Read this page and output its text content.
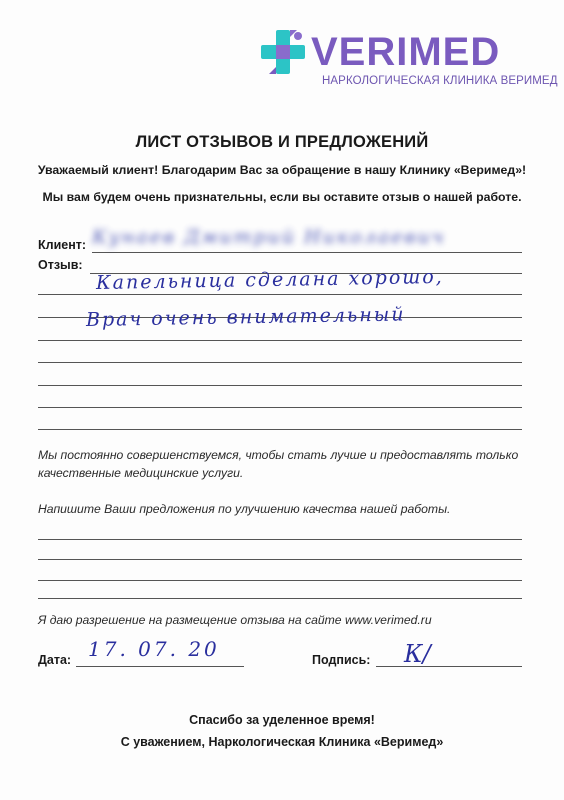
VERIMED
НАРКОЛОГИЧЕСКАЯ КЛИНИКА ВЕРИМЕД
ЛИСТ ОТЗЫВОВ И ПРЕДЛОЖЕНИЙ
Уважаемый клиент! Благодарим Вас за обращение в нашу Клинику «Веримед»!
Мы вам будем очень признательны, если вы оставите отзыв о нашей работе.
Клиент: Кунаев Дмитрий Николаевич
Отзыв:
Капельница сделана хорошо,
Врач очень внимательный
Мы постоянно совершенствуемся, чтобы стать лучше и предоставлять только
качественные медицинские услуги.
Напишите Ваши предложения по улучшению качества нашей работы.
Я даю разрешение на размещение отзыва на сайте www.verimed.ru
Дата: 17. 07. 20	Подпись: К/
Спасибо за уделенное время!
С уважением, Наркологическая Клиника «Веримед»
